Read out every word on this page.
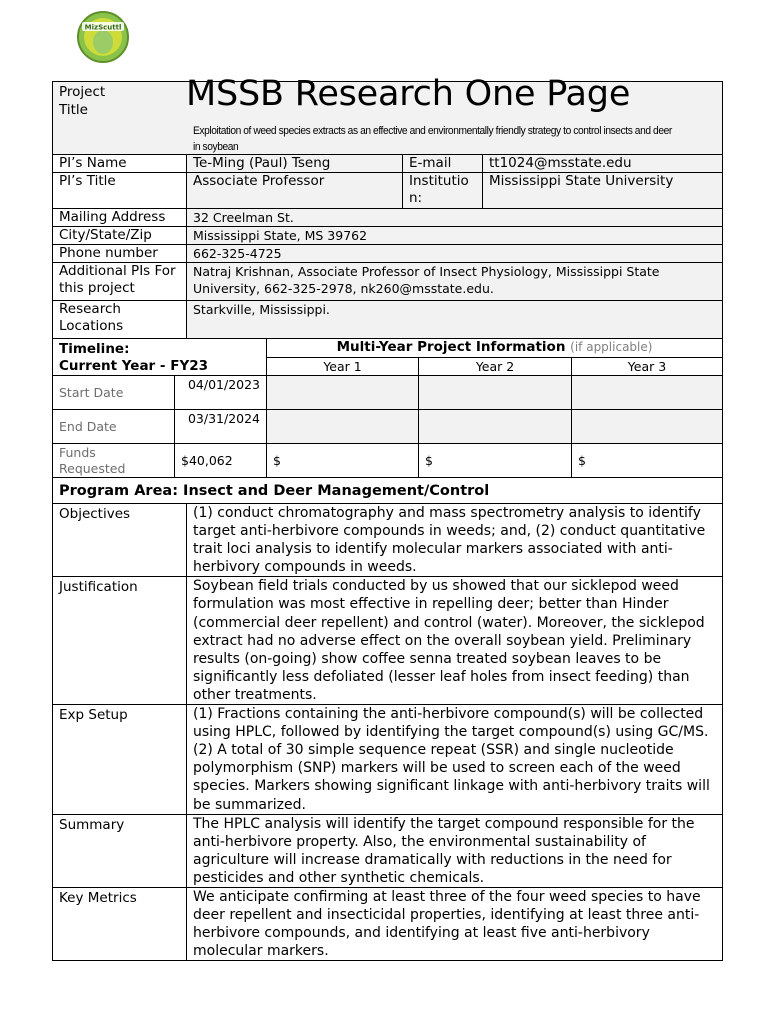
MizScuttl
Project Title MSSB Research One Page
Exploitation of weed species extracts as an effective and environmentally friendly strategy to control insects and deer in soybean			

PI’s Name	Te-Ming (Paul) Tseng	E-mail	tt1024@msstate.edu
PI’s Title	Associate Professor	Institution:	Mississippi State University
Mailing Address	32 Creelman St.		
City/State/Zip	Mississippi State, MS 39762		
Phone number	662-325-4725		
Additional PIs For this project	Natraj Krishnan, Associate Professor of Insect Physiology, Mississippi State University, 662-325-2978, nk260@msstate.edu.		
Research Locations	Starkville, Mississippi.		
Timeline:
Current Year - FY23		Multi-Year Project Information (if applicable)		
		Year 1	Year 2	Year 3
Start Date	04/01/2023			
End Date	03/31/2024			

Funds Requested	$40,062	$	$	$
Program Area: Insect and Deer Management/Control	
Objectives	(1) conduct chromatography and mass spectrometry analysis to identify target anti-herbivore compounds in weeds; and, (2) conduct quantitative trait loci analysis to identify molecular markers associated with anti-herbivory compounds in weeds.
Justification	Soybean field trials conducted by us showed that our sicklepod weed formulation was most effective in repelling deer; better than Hinder (commercial deer repellent) and control (water). Moreover, the sicklepod extract had no adverse effect on the overall soybean yield. Preliminary results (on-going) show coffee senna treated soybean leaves to be significantly less defoliated (lesser leaf holes from insect feeding) than other treatments.
Exp Setup	(1) Fractions containing the anti-herbivore compound(s) will be collected using HPLC, followed by identifying the target compound(s) using GC/MS. (2) A total of 30 simple sequence repeat (SSR) and single nucleotide polymorphism (SNP) markers will be used to screen each of the weed species. Markers showing significant linkage with anti-herbivory traits will be summarized.
Summary	The HPLC analysis will identify the target compound responsible for the anti-herbivore property. Also, the environmental sustainability of agriculture will increase dramatically with reductions in the need for pesticides and other synthetic chemicals.
Key Metrics	We anticipate confirming at least three of the four weed species to have deer repellent and insecticidal properties, identifying at least three anti-herbivore compounds, and identifying at least five anti-herbivory molecular markers.
